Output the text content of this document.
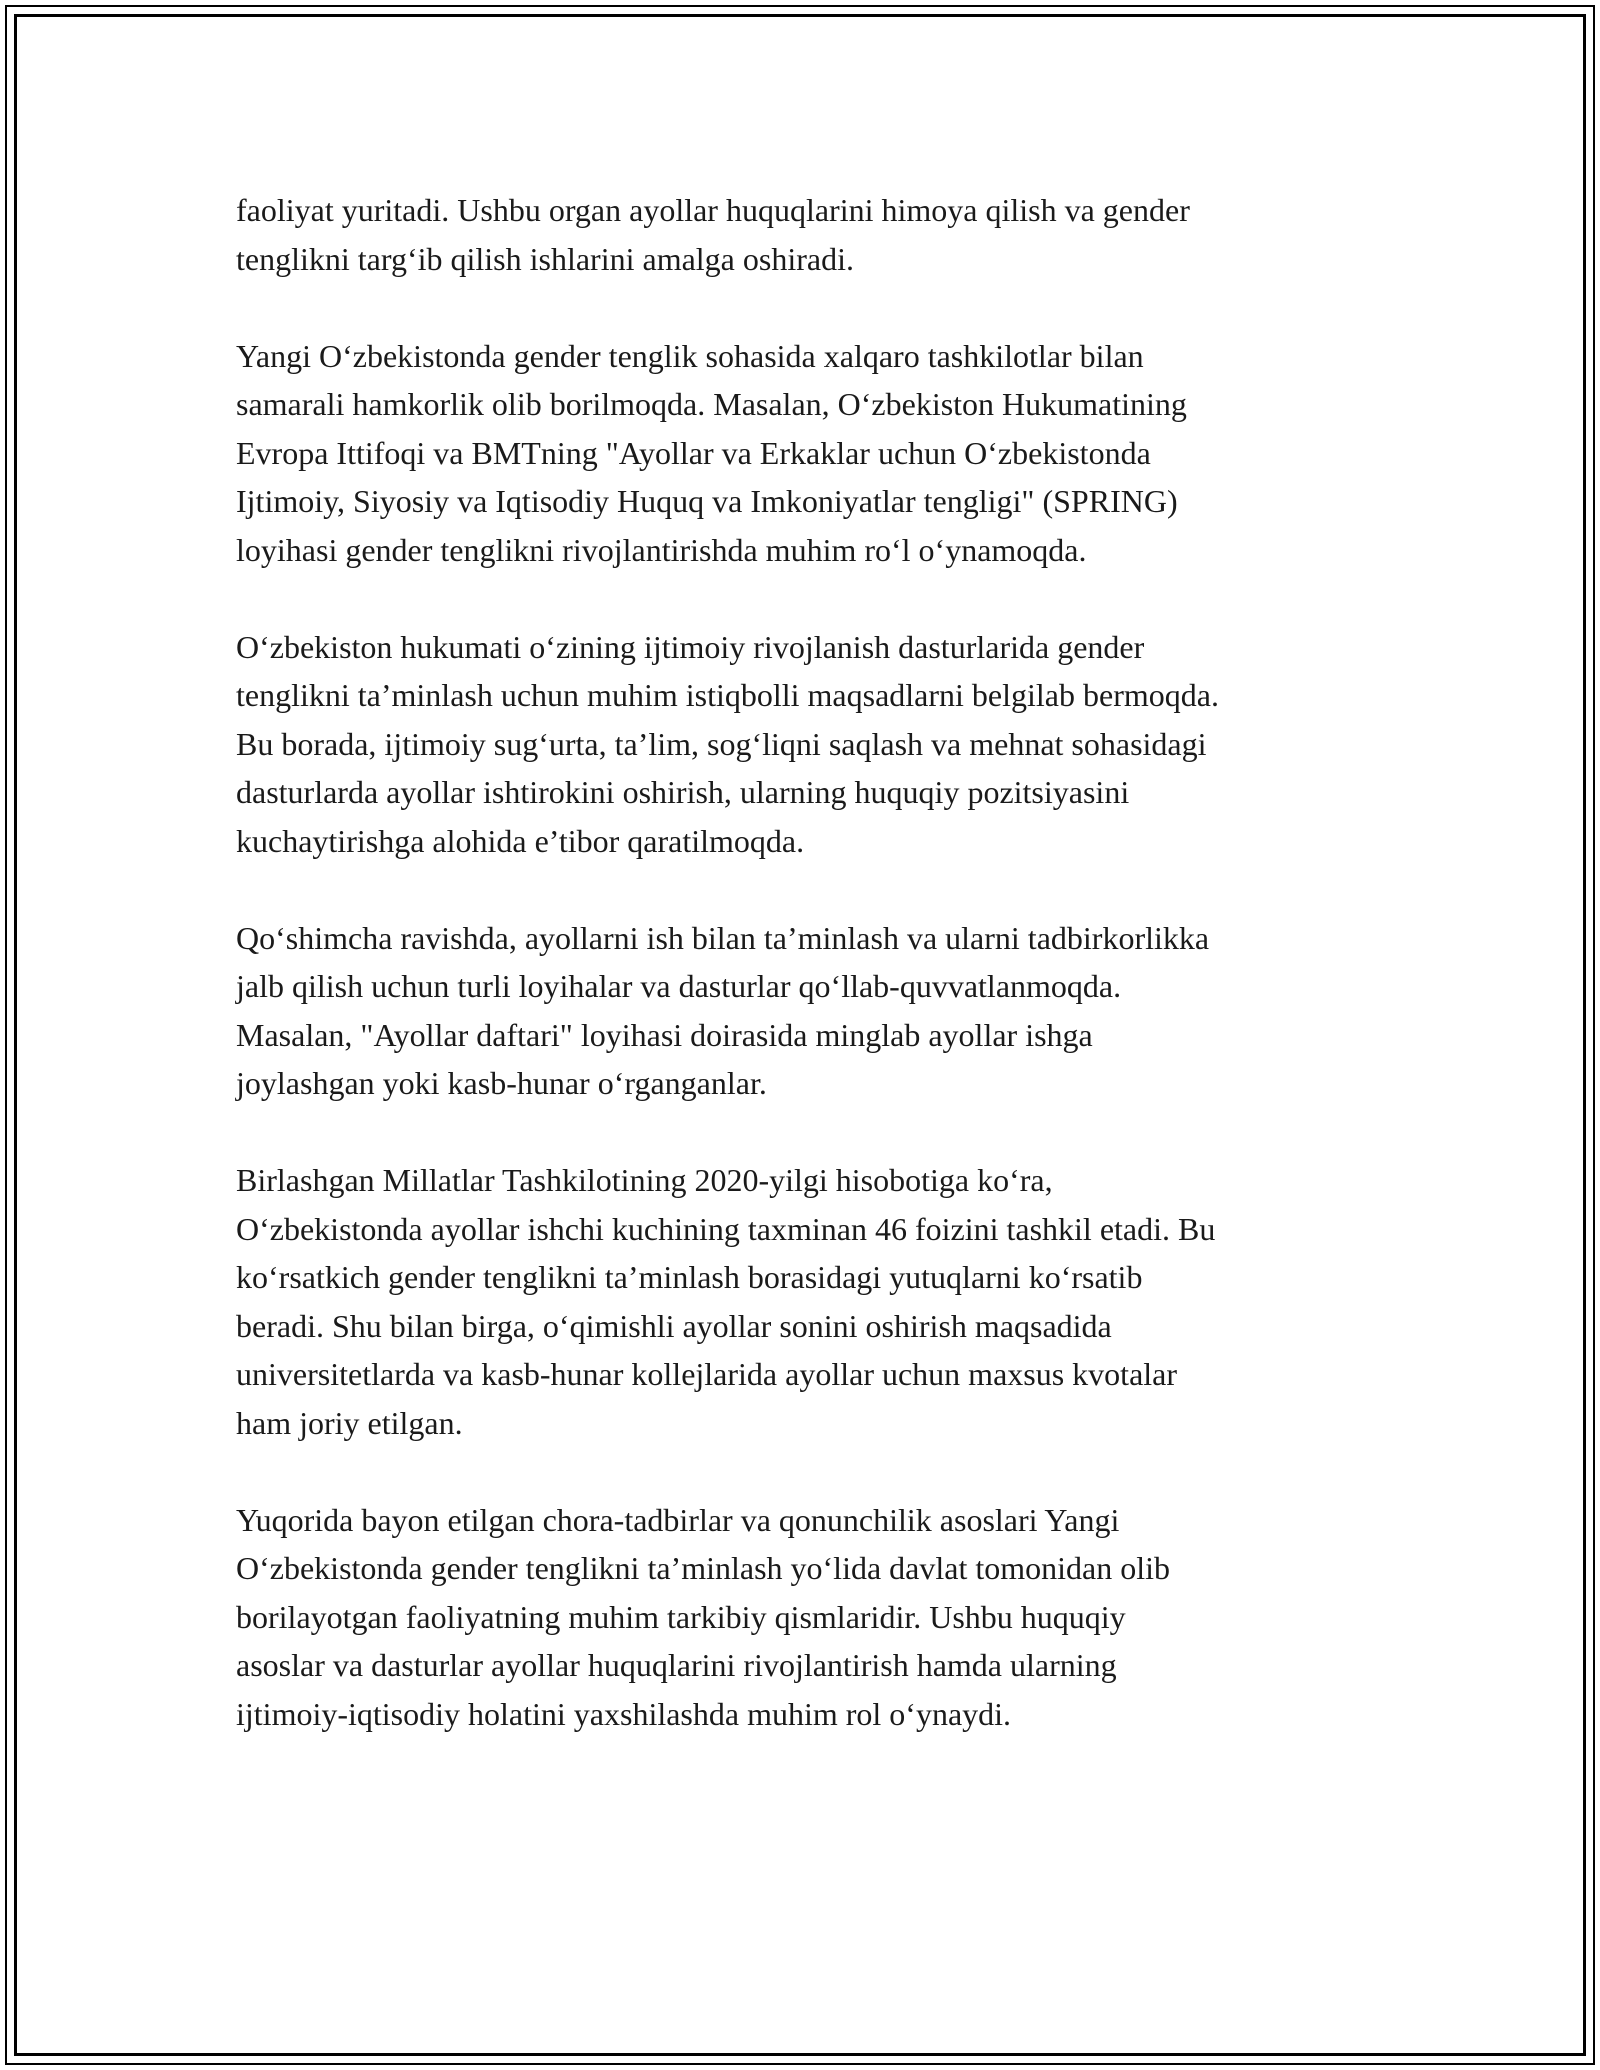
faoliyat yuritadi. Ushbu organ ayollar huquqlarini himoya qilish va gender
tenglikni targ‘ib qilish ishlarini amalga oshiradi.

Yangi O‘zbekistonda gender tenglik sohasida xalqaro tashkilotlar bilan
samarali hamkorlik olib borilmoqda. Masalan, O‘zbekiston Hukumatining
Evropa Ittifoqi va BMTning "Ayollar va Erkaklar uchun O‘zbekistonda
Ijtimoiy, Siyosiy va Iqtisodiy Huquq va Imkoniyatlar tengligi" (SPRING)
loyihasi gender tenglikni rivojlantirishda muhim ro‘l o‘ynamoqda.

O‘zbekiston hukumati o‘zining ijtimoiy rivojlanish dasturlarida gender
tenglikni ta’minlash uchun muhim istiqbolli maqsadlarni belgilab bermoqda.
Bu borada, ijtimoiy sug‘urta, ta’lim, sog‘liqni saqlash va mehnat sohasidagi
dasturlarda ayollar ishtirokini oshirish, ularning huquqiy pozitsiyasini
kuchaytirishga alohida e’tibor qaratilmoqda.

Qo‘shimcha ravishda, ayollarni ish bilan ta’minlash va ularni tadbirkorlikka
jalb qilish uchun turli loyihalar va dasturlar qo‘llab-quvvatlanmoqda.
Masalan, "Ayollar daftari" loyihasi doirasida minglab ayollar ishga
joylashgan yoki kasb-hunar o‘rganganlar.

Birlashgan Millatlar Tashkilotining 2020-yilgi hisobotiga ko‘ra,
O‘zbekistonda ayollar ishchi kuchining taxminan 46 foizini tashkil etadi. Bu
ko‘rsatkich gender tenglikni ta’minlash borasidagi yutuqlarni ko‘rsatib
beradi. Shu bilan birga, o‘qimishli ayollar sonini oshirish maqsadida
universitetlarda va kasb-hunar kollejlarida ayollar uchun maxsus kvotalar
ham joriy etilgan.

Yuqorida bayon etilgan chora-tadbirlar va qonunchilik asoslari Yangi
O‘zbekistonda gender tenglikni ta’minlash yo‘lida davlat tomonidan olib
borilayotgan faoliyatning muhim tarkibiy qismlaridir. Ushbu huquqiy
asoslar va dasturlar ayollar huquqlarini rivojlantirish hamda ularning
ijtimoiy-iqtisodiy holatini yaxshilashda muhim rol o‘ynaydi.
